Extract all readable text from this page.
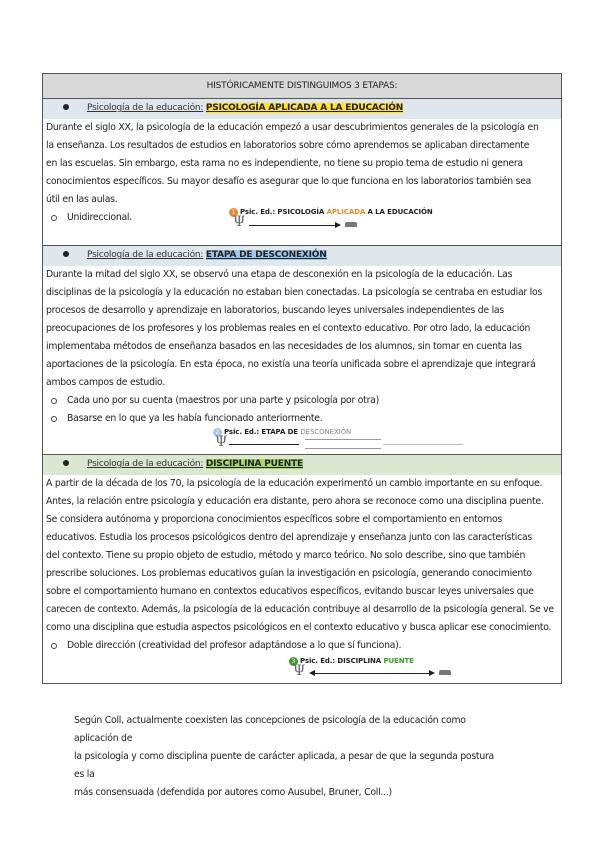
HISTÓRICAMENTE DISTINGUIMOS 3 ETAPAS:
Psicología de la educación: PSICOLOGÍA APLICADA A LA EDUCACIÓN
Durante el siglo XX, la psicología de la educación empezó a usar descubrimientos generales de la psicología en
la enseñanza. Los resultados de estudios en laboratorios sobre cómo aprendemos se aplicaban directamente
en las escuelas. Sin embargo, esta rama no es independiente, no tiene su propio tema de estudio ni genera
conocimientos específicos. Su mayor desafío es asegurar que lo que funciona en los laboratorios también sea
útil en las aulas.
Unidireccional.	1 Psic. Ed.: PSICOLOGÍA APLICADA A LA EDUCACIÓN
Ψ
Psicología de la educación: ETAPA DE DESCONEXIÓN
Durante la mitad del siglo XX, se observó una etapa de desconexión en la psicología de la educación. Las
disciplinas de la psicología y la educación no estaban bien conectadas. La psicología se centraba en estudiar los
procesos de desarrollo y aprendizaje en laboratorios, buscando leyes universales independientes de las
preocupaciones de los profesores y los problemas reales en el contexto educativo. Por otro lado, la educación
implementaba métodos de enseñanza basados en las necesidades de los alumnos, sin tomar en cuenta las
aportaciones de la psicología. En esta época, no existía una teoría unificada sobre el aprendizaje que integrará
ambos campos de estudio.
Cada uno por su cuenta (maestros por una parte y psicología por otra)
Basarse en lo que ya les había funcionado anteriormente.
2 Psic. Ed.: ETAPA DE DESCONEXIÓN
Ψ
Psicología de la educación: DISCIPLINA PUENTE
A partir de la década de los 70, la psicología de la educación experimentó un cambio importante en su enfoque.
Antes, la relación entre psicología y educación era distante, pero ahora se reconoce como una disciplina puente.
Se considera autónoma y proporciona conocimientos específicos sobre el comportamiento en entornos
educativos. Estudia los procesos psicológicos dentro del aprendizaje y enseñanza junto con las características
del contexto. Tiene su propio objeto de estudio, método y marco teórico. No solo describe, sino que también
prescribe soluciones. Los problemas educativos guían la investigación en psicología, generando conocimiento
sobre el comportamiento humano en contextos educativos específicos, evitando buscar leyes universales que
carecen de contexto. Además, la psicología de la educación contribuye al desarrollo de la psicología general. Se ve
como una disciplina que estudia aspectos psicológicos en el contexto educativo y busca aplicar ese conocimiento.
Doble dirección (creatividad del profesor adaptándose a lo que sí funciona).
3 Psic. Ed.: DISCIPLINA PUENTE
Ψ
Según Coll, actualmente coexisten las concepciones de psicología de la educación como aplicación de
la psicología y como disciplina puente de carácter aplicada, a pesar de que la segunda postura es la
más consensuada (defendida por autores como Ausubel, Bruner, Coll...)
